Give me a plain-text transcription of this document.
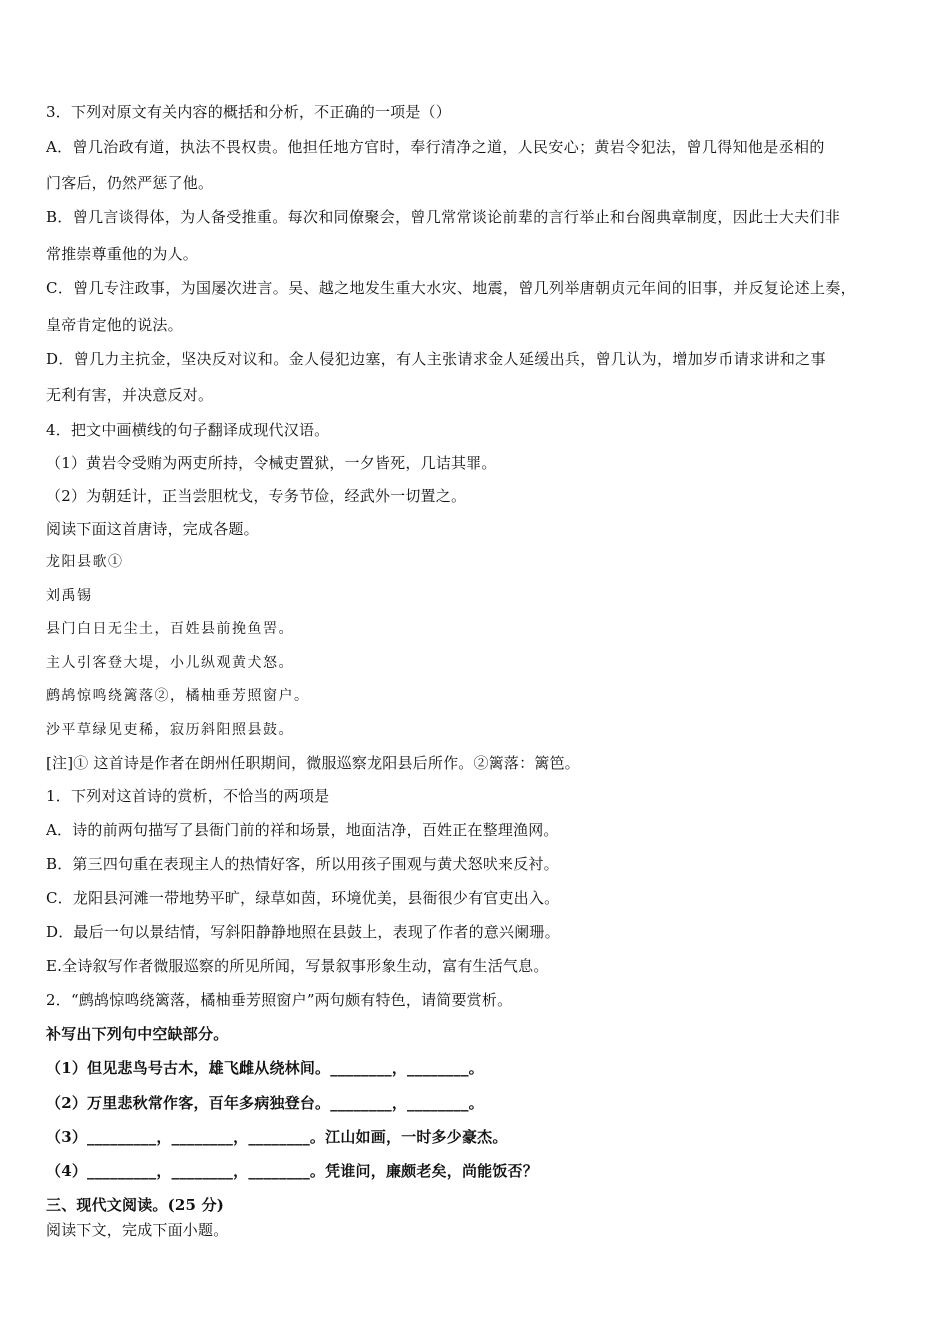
3．下列对原文有关内容的概括和分析，不正确的一项是（）
A．曾几治政有道，执法不畏权贵。他担任地方官时，奉行清净之道，人民安心；黄岩令犯法，曾几得知他是丞相的
门客后，仍然严惩了他。
B．曾几言谈得体，为人备受推重。每次和同僚聚会，曾几常常谈论前辈的言行举止和台阁典章制度，因此士大夫们非
常推崇尊重他的为人。
C．曾几专注政事，为国屡次进言。吴、越之地发生重大水灾、地震，曾几列举唐朝贞元年间的旧事，并反复论述上奏，
皇帝肯定他的说法。
D．曾几力主抗金，坚决反对议和。金人侵犯边塞，有人主张请求金人延缓出兵，曾几认为，增加岁币请求讲和之事
无利有害，并决意反对。
4．把文中画横线的句子翻译成现代汉语。
（1）黄岩令受贿为两吏所持，令械吏置狱，一夕皆死，几诘其罪。
（2）为朝廷计，正当尝胆枕戈，专务节俭，经武外一切置之。
阅读下面这首唐诗，完成各题。
龙阳县歌①
刘禹锡
县门白日无尘土，百姓县前挽鱼罟。
主人引客登大堤，小儿纵观黄犬怒。
鹧鸪惊鸣绕篱落②，橘柚垂芳照窗户。
沙平草绿见吏稀，寂历斜阳照县鼓。
[注]① 这首诗是作者在朗州任职期间，微服巡察龙阳县后所作。②篱落：篱笆。
1．下列对这首诗的赏析，不恰当的两项是
A．诗的前两句描写了县衙门前的祥和场景，地面洁净，百姓正在整理渔网。
B．第三四句重在表现主人的热情好客，所以用孩子围观与黄犬怒吠来反衬。
C．龙阳县河滩一带地势平旷，绿草如茵，环境优美，县衙很少有官吏出入。
D．最后一句以景结情，写斜阳静静地照在县鼓上，表现了作者的意兴阑珊。
E.全诗叙写作者微服巡察的所见所闻，写景叙事形象生动，富有生活气息。
2．“鹧鸪惊鸣绕篱落，橘柚垂芳照窗户”两句颇有特色，请简要赏析。
补写出下列句中空缺部分。
（1）但见悲鸟号古木，雄飞雌从绕林间。________，________。
（2）万里悲秋常作客，百年多病独登台。________，________。
（3）_________，________，________。江山如画，一时多少豪杰。
（4）_________，________，________。凭谁问，廉颇老矣，尚能饭否？
三、现代文阅读。(25 分)
阅读下文，完成下面小题。
